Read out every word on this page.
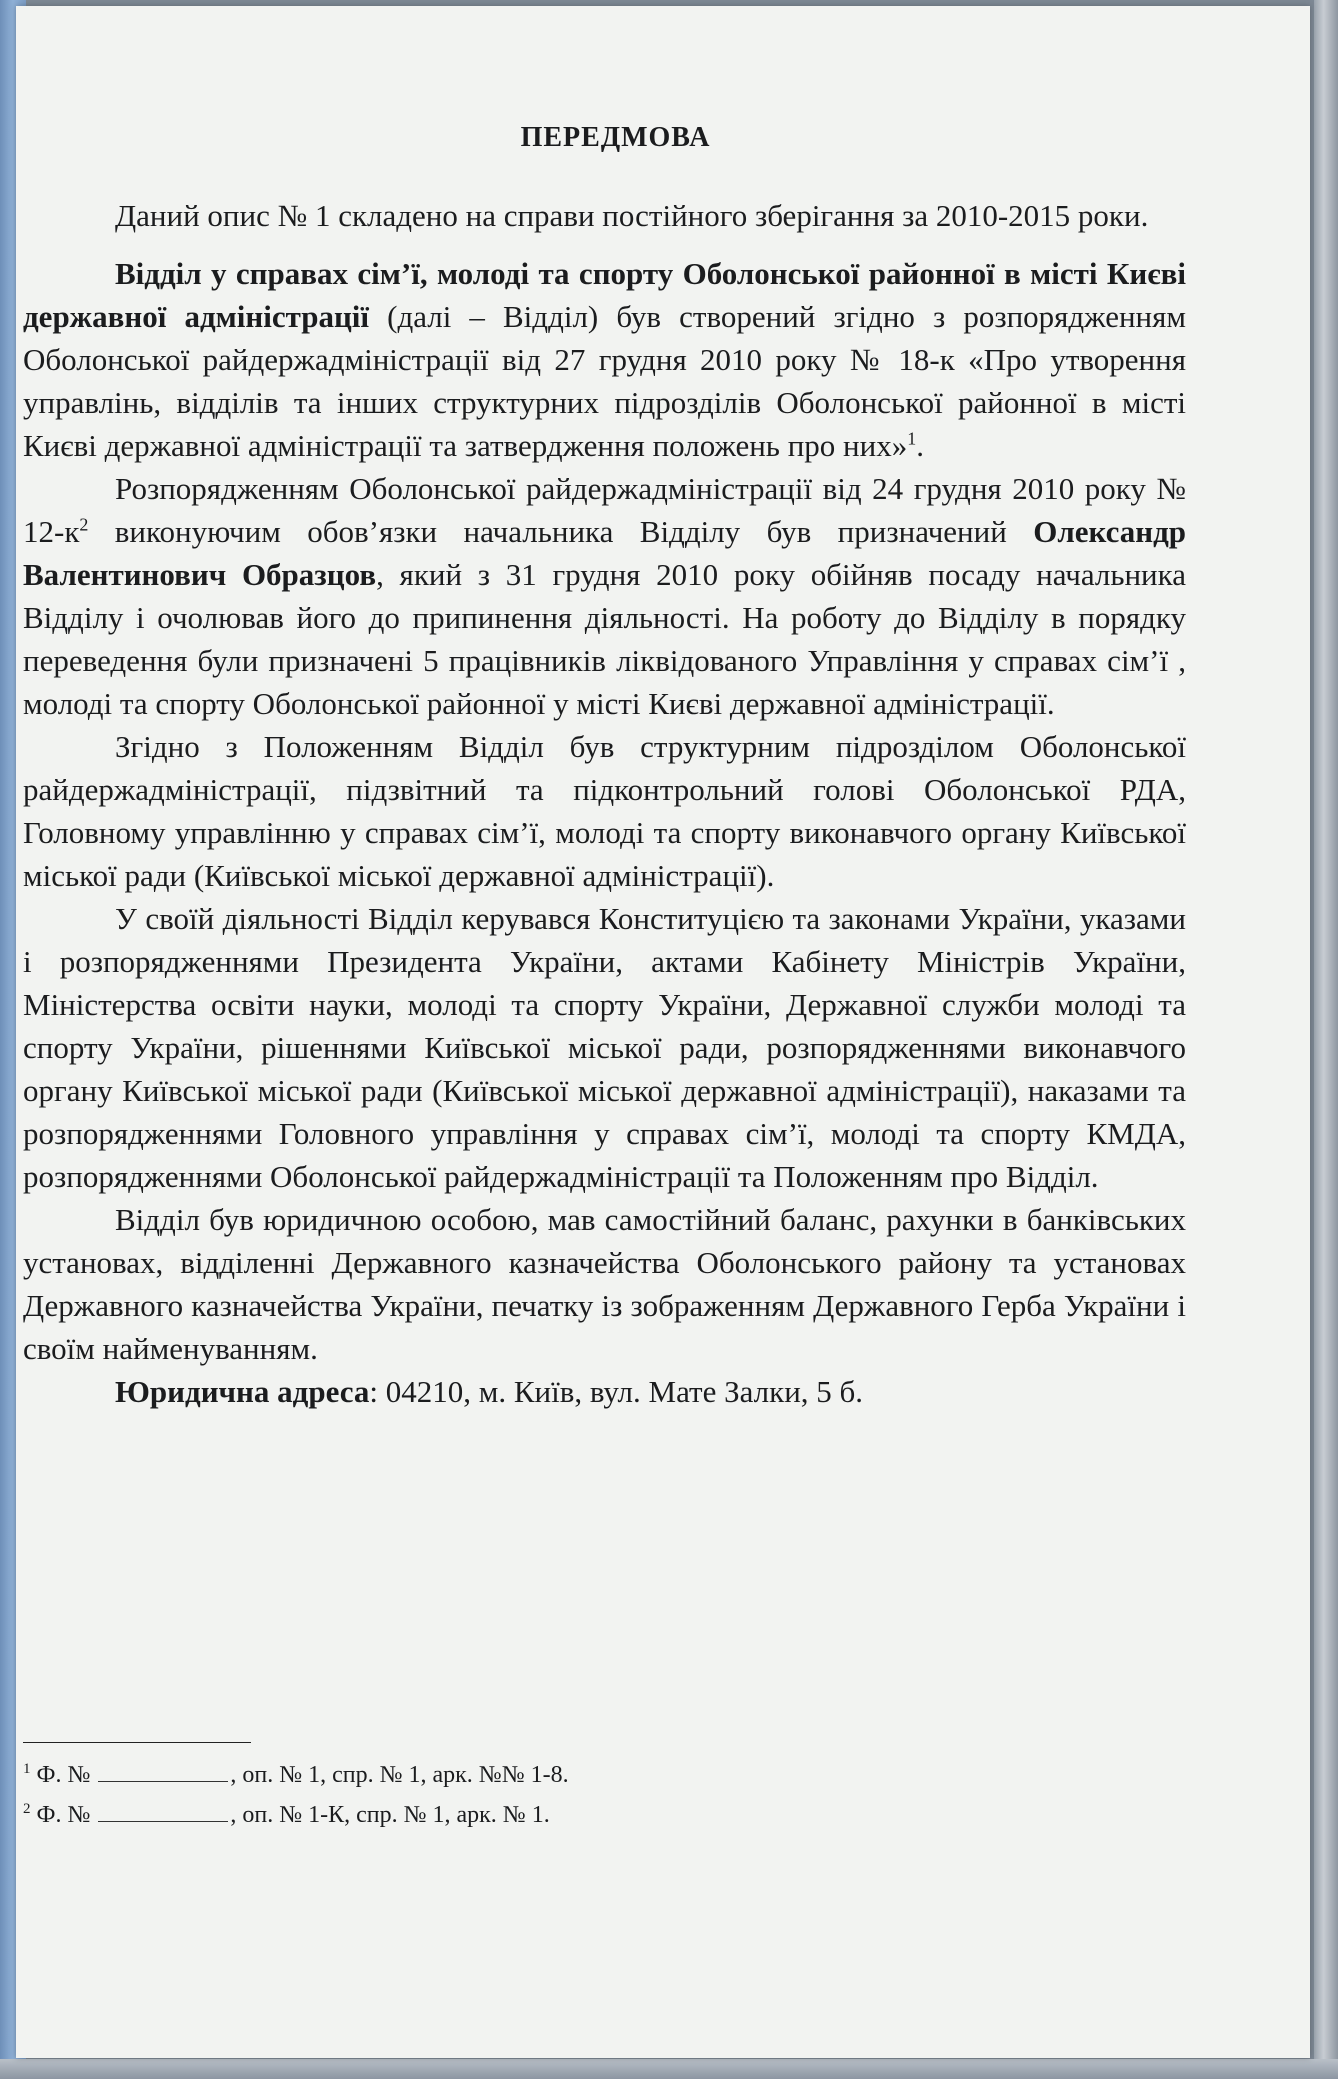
ПЕРЕДМОВА

Даний опис № 1 складено на справи постійного зберігання за 2010-2015 роки.

Відділ у справах сім’ї, молоді та спорту Оболонської районної в місті Києві державної адміністрації (далі – Відділ) був створений згідно з розпорядженням Оболонської райдержадміністрації від 27 грудня 2010 року № 18-к «Про утворення управлінь, відділів та інших структурних підрозділів Оболонської районної в місті Києві державної адміністрації та затвердження положень про них»$^1$.

Розпорядженням Оболонської райдержадміністрації від 24 грудня 2010 року № $12-к^2$ виконуючим обов’язки начальника Відділу був призначений Олександр Валентинович Образцов, який з 31 грудня 2010 року обійняв посаду начальника Відділу і очолював його до припинення діяльності. На роботу до Відділу в порядку переведення були призначені 5 працівників ліквідованого Управління у справах сім’ї , молоді та спорту Оболонської районної у місті Києві державної адміністрації.

Згідно з Положенням Відділ був структурним підрозділом Оболонської райдержадміністрації, підзвітний та підконтрольний голові Оболонської РДА, Головному управлінню у справах сім’ї, молоді та спорту виконавчого органу Київської міської ради (Київської міської державної адміністрації).

У своїй діяльності Відділ керувався Конституцією та законами України, указами і розпорядженнями Президента України, актами Кабінету Міністрів України, Міністерства освіти науки, молоді та спорту України, Державної служби молоді та спорту України, рішеннями Київської міської ради, розпорядженнями виконавчого органу Київської міської ради (Київської міської державної адміністрації), наказами та розпорядженнями Головного управління у справах сім’ї, молоді та спорту КМДА, розпорядженнями Оболонської райдержадміністрації та Положенням про Відділ.

Відділ був юридичною особою, мав самостійний баланс, рахунки в банківських установах, відділенні Державного казначейства Оболонського району та установах Державного казначейства України, печатку із зображенням Державного Герба України і своїм найменуванням.

Юридична адреса: 04210, м. Київ, вул. Мате Залки, 5 б.

$^1$ Ф. №	, оп. № 1, спр. № 1, арк. №№ 1-8.
$^2$ Ф. №	, оп. № 1-К, спр. № 1, арк. № 1.
